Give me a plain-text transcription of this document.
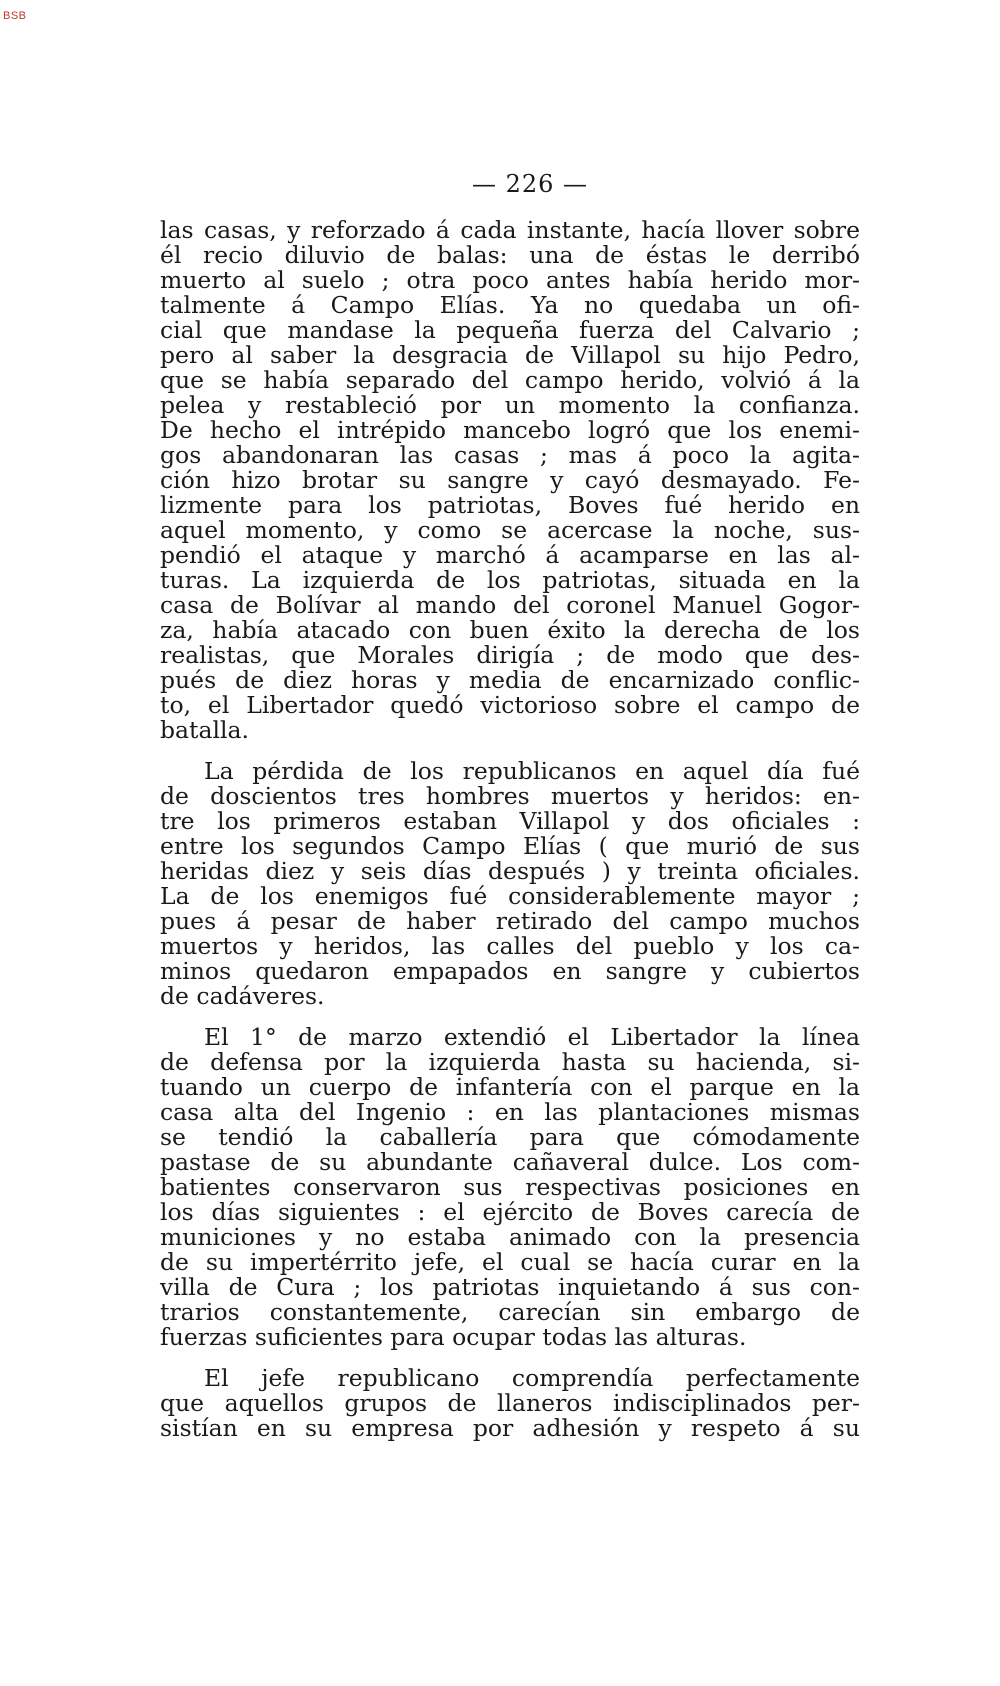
BSB
— 226 —
las casas, y reforzado á cada instante, hacía llover sobre
él recio diluvio de balas: una de éstas le derribó
muerto al suelo ; otra poco antes había herido mor-
talmente á Campo Elías. Ya no quedaba un ofi-
cial que mandase la pequeña fuerza del Calvario ;
pero al saber la desgracia de Villapol su hijo Pedro,
que se había separado del campo herido, volvió á la
pelea y restableció por un momento la confianza.
De hecho el intrépido mancebo logró que los enemi-
gos abandonaran las casas ; mas á poco la agita-
ción hizo brotar su sangre y cayó desmayado. Fe-
lizmente para los patriotas, Boves fué herido en
aquel momento, y como se acercase la noche, sus-
pendió el ataque y marchó á acamparse en las al-
turas. La izquierda de los patriotas, situada en la
casa de Bolívar al mando del coronel Manuel Gogor-
za, había atacado con buen éxito la derecha de los
realistas, que Morales dirigía ; de modo que des-
pués de diez horas y media de encarnizado conflic-
to, el Libertador quedó victorioso sobre el campo de
batalla.
La pérdida de los republicanos en aquel día fué
de doscientos tres hombres muertos y heridos: en-
tre los primeros estaban Villapol y dos oficiales :
entre los segundos Campo Elías ( que murió de sus
heridas diez y seis días después ) y treinta oficiales.
La de los enemigos fué considerablemente mayor ;
pues á pesar de haber retirado del campo muchos
muertos y heridos, las calles del pueblo y los ca-
minos quedaron empapados en sangre y cubiertos
de cadáveres.
El 1° de marzo extendió el Libertador la línea
de defensa por la izquierda hasta su hacienda, si-
tuando un cuerpo de infantería con el parque en la
casa alta del Ingenio : en las plantaciones mismas
se tendió la caballería para que cómodamente
pastase de su abundante cañaveral dulce. Los com-
batientes conservaron sus respectivas posiciones en
los días siguientes : el ejército de Boves carecía de
municiones y no estaba animado con la presencia
de su impertérrito jefe, el cual se hacía curar en la
villa de Cura ; los patriotas inquietando á sus con-
trarios constantemente, carecían sin embargo de
fuerzas suficientes para ocupar todas las alturas.
El jefe republicano comprendía perfectamente
que aquellos grupos de llaneros indisciplinados per-
sistían en su empresa por adhesión y respeto á su
